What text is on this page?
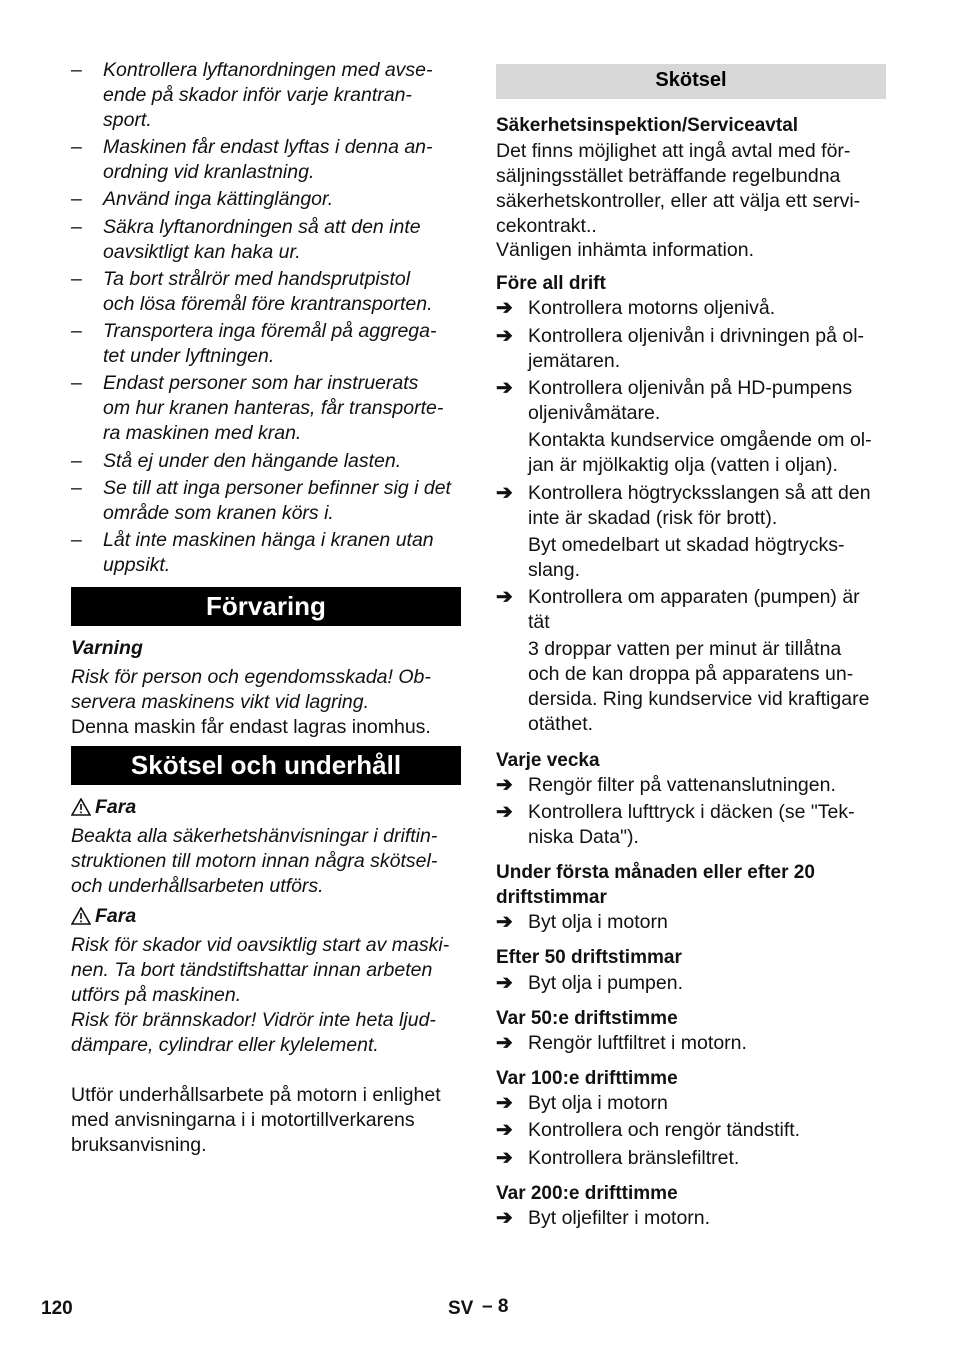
– Kontrollera lyftanordningen med avse-
ende på skador inför varje krantran-
sport.
– Maskinen får endast lyftas i denna an-
ordning vid kranlastning.
– Använd inga kättinglängor.
– Säkra lyftanordningen så att den inte
oavsiktligt kan haka ur.
– Ta bort strålrör med handsprutpistol
och lösa föremål före krantransporten.
– Transportera inga föremål på aggrega-
tet under lyftningen.
– Endast personer som har instruerats
om hur kranen hanteras, får transporte-
ra maskinen med kran.
– Stå ej under den hängande lasten.
– Se till att inga personer befinner sig i det
område som kranen körs i.
– Låt inte maskinen hänga i kranen utan
uppsikt.
Förvaring
Varning
Risk för person och egendomsskada! Ob-
servera maskinens vikt vid lagring.
Denna maskin får endast lagras inomhus.
Skötsel och underhåll
Fara
Beakta alla säkerhetshänvisningar i driftin-
struktionen till motorn innan några skötsel-
och underhållsarbeten utförs.
Fara
Risk för skador vid oavsiktlig start av maski-
nen. Ta bort tändstiftshattar innan arbeten
utförs på maskinen.
Risk för brännskador! Vidrör inte heta ljud-
dämpare, cylindrar eller kylelement.
Utför underhållsarbete på motorn i enlighet
med anvisningarna i i motortillverkarens
bruksanvisning.
Skötsel
Säkerhetsinspektion/Serviceavtal
Det finns möjlighet att ingå avtal med för-
säljningsstället beträffande regelbundna
säkerhetskontroller, eller att välja ett servi-
cekontrakt..
Vänligen inhämta information.
Före all drift
➔ Kontrollera motorns oljenivå.
➔ Kontrollera oljenivån i drivningen på ol-
jemätaren.
➔ Kontrollera oljenivån på HD-pumpens
oljenivåmätare.
Kontakta kundservice omgående om ol-
jan är mjölkaktig olja (vatten i oljan).
➔ Kontrollera högtrycksslangen så att den
inte är skadad (risk för brott).
Byt omedelbart ut skadad högtrycks-
slang.
➔ Kontrollera om apparaten (pumpen) är
tät
3 droppar vatten per minut är tillåtna
och de kan droppa på apparatens un-
dersida. Ring kundservice vid kraftigare
otäthet.
Varje vecka
➔ Rengör filter på vattenanslutningen.
➔ Kontrollera lufttryck i däcken (se "Tek-
niska Data").
Under första månaden eller efter 20
driftstimmar
➔ Byt olja i motorn
Efter 50 driftstimmar
➔ Byt olja i pumpen.
Var 50:e driftstimme
➔ Rengör luftfiltret i motorn.
Var 100:e drifttimme
➔ Byt olja i motorn
➔ Kontrollera och rengör tändstift.
➔ Kontrollera bränslefiltret.
Var 200:e drifttimme
➔ Byt oljefilter i motorn.
120	SV – 8
